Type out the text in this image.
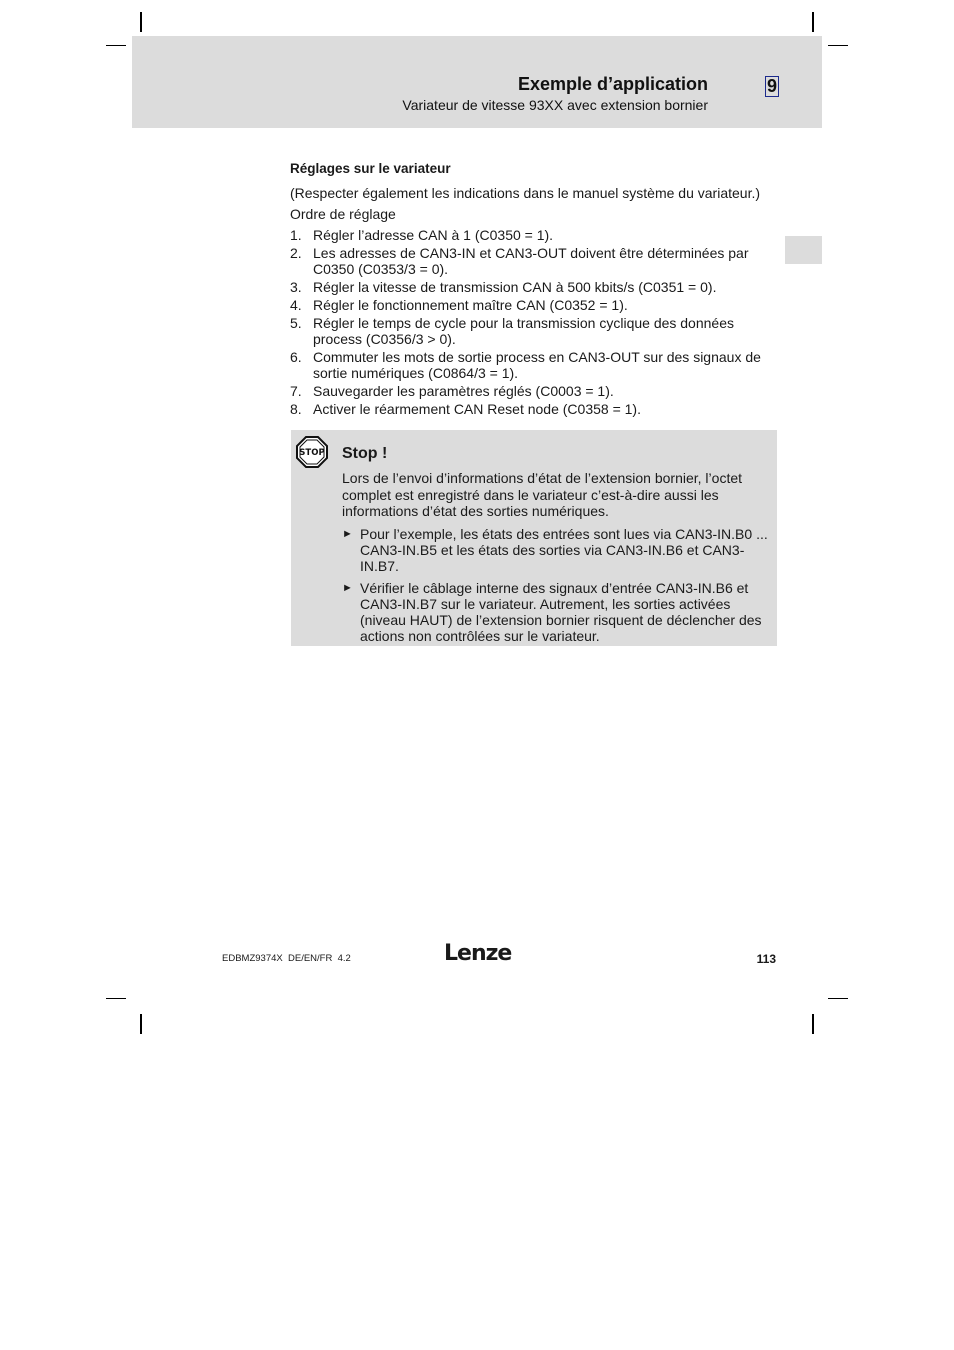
Exemple d’application
Variateur de vitesse 93XX avec extension bornier
9
Réglages sur le variateur
(Respecter également les indications dans le manuel système du variateur.)
Ordre de réglage
1. Régler l’adresse CAN à 1 (C0350 = 1).
2. Les adresses de CAN3-IN et CAN3-OUT doivent être déterminées par C0350 (C0353/3 = 0).
3. Régler la vitesse de transmission CAN à 500 kbits/s (C0351 = 0).
4. Régler le fonctionnement maître CAN (C0352 = 1).
5. Régler le temps de cycle pour la transmission cyclique des données process (C0356/3 > 0).
6. Commuter les mots de sortie process en CAN3-OUT sur des signaux de sortie numériques (C0864/3 = 1).
7. Sauvegarder les paramètres réglés (C0003 = 1).
8. Activer le réarmement CAN Reset node (C0358 = 1).
STOP Stop !
Lors de l’envoi d’informations d’état de l’extension bornier, l’octet complet est enregistré dans le variateur c’est-à-dire aussi les informations d’état des sorties numériques.
► Pour l’exemple, les états des entrées sont lues via CAN3-IN.B0 ... CAN3-IN.B5 et les états des sorties via CAN3-IN.B6 et CAN3-IN.B7.
► Vérifier le câblage interne des signaux d’entrée CAN3-IN.B6 et CAN3-IN.B7 sur le variateur. Autrement, les sorties activées (niveau HAUT) de l’extension bornier risquent de déclencher des actions non contrôlées sur le variateur.
EDBMZ9374X  DE/EN/FR  4.2	Lenze	113
